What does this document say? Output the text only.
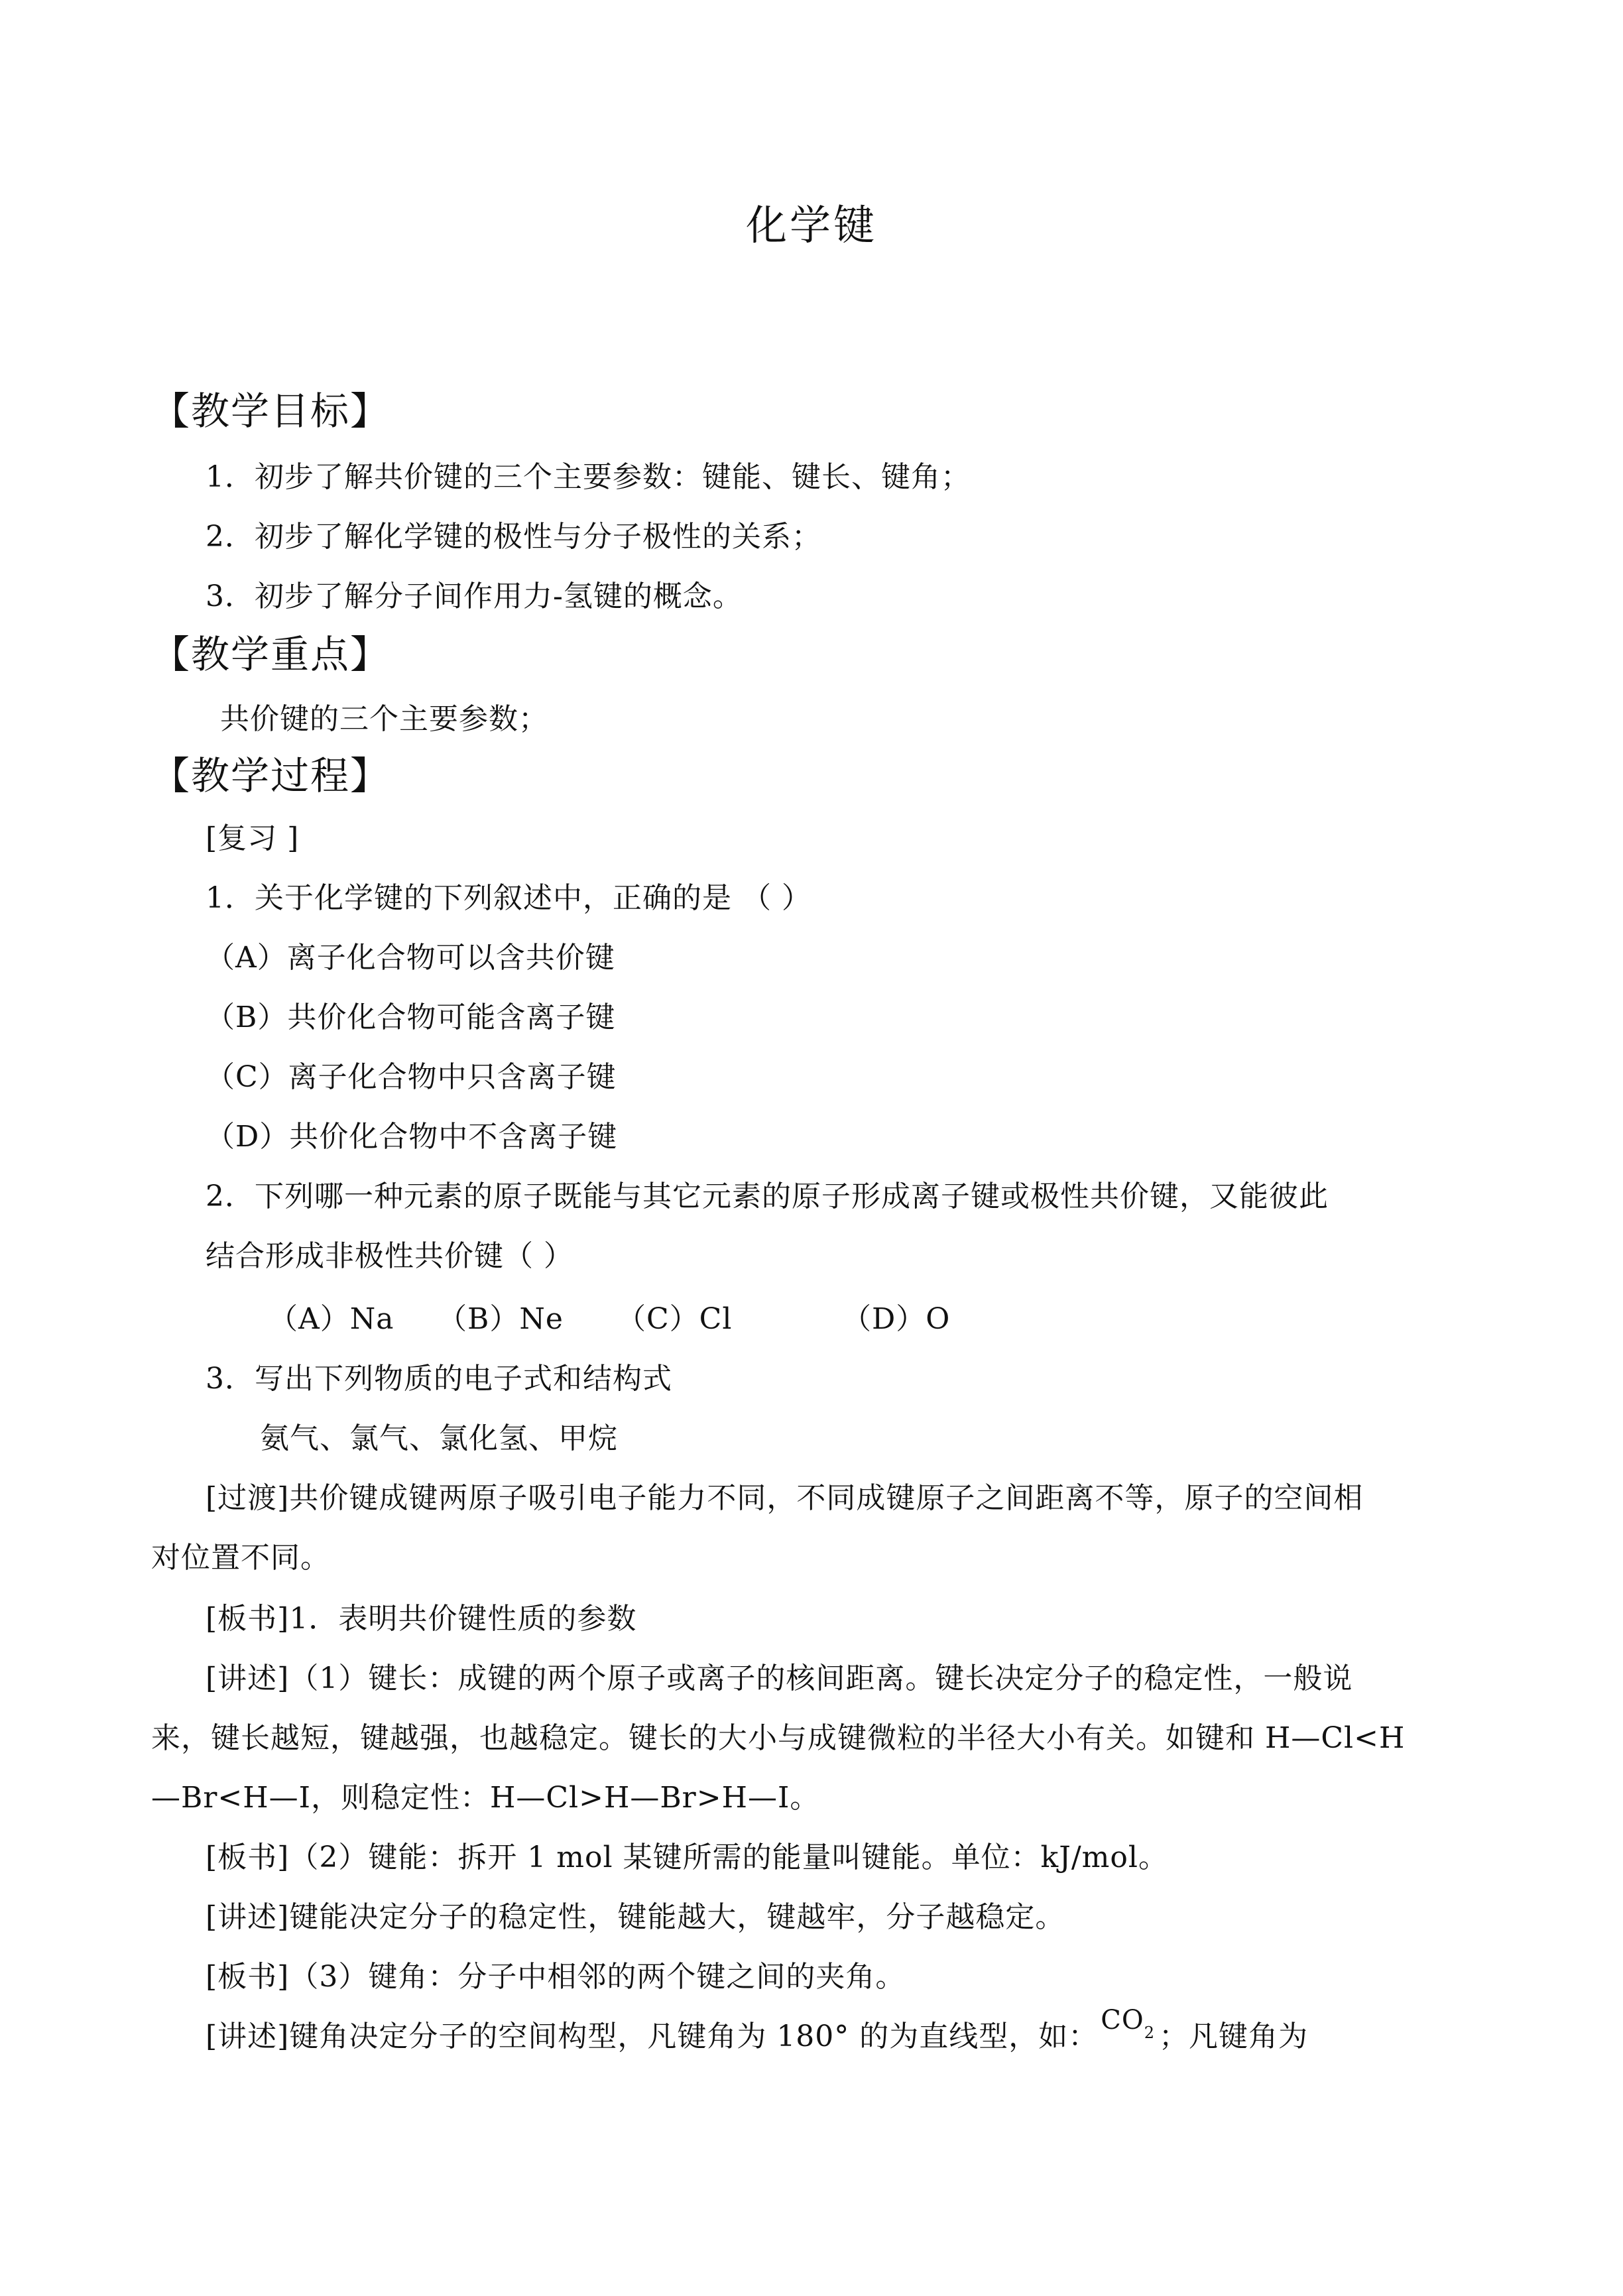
化学键
【教学目标】
1．初步了解共价键的三个主要参数：键能、键长、键角；
2．初步了解化学键的极性与分子极性的关系；
3．初步了解分子间作用力-氢键的概念。
【教学重点】
共价键的三个主要参数；
【教学过程】
[复习 ]
1．关于化学键的下列叙述中，正确的是 （ ）
（A）离子化合物可以含共价键
（B）共价化合物可能含离子键
（C）离子化合物中只含离子键
（D）共价化合物中不含离子键
2．下列哪一种元素的原子既能与其它元素的原子形成离子键或极性共价键，又能彼此
结合形成非极性共价键（ ）
（A）Na （B）Ne （C）Cl	（D）O
3．写出下列物质的电子式和结构式
氨气、氯气、氯化氢、甲烷
[过渡]共价键成键两原子吸引电子能力不同，不同成键原子之间距离不等，原子的空间相
对位置不同。
[板书]1．表明共价键性质的参数
[讲述]（1）键长：成键的两个原子或离子的核间距离。键长决定分子的稳定性，一般说
来，键长越短，键越强，也越稳定。键长的大小与成键微粒的半径大小有关。如键和 H—Cl<H
—Br<H—I，则稳定性：H—Cl>H—Br>H—I。
[板书]（2）键能：拆开 1 mol 某键所需的能量叫键能。单位：kJ/mol。
[讲述]键能决定分子的稳定性，键能越大，键越牢，分子越稳定。
[板书]（3）键角：分子中相邻的两个键之间的夹角。
[讲述]键角决定分子的空间构型，凡键角为 180° 的为直线型，如： $CO_2$ ；凡键角为
